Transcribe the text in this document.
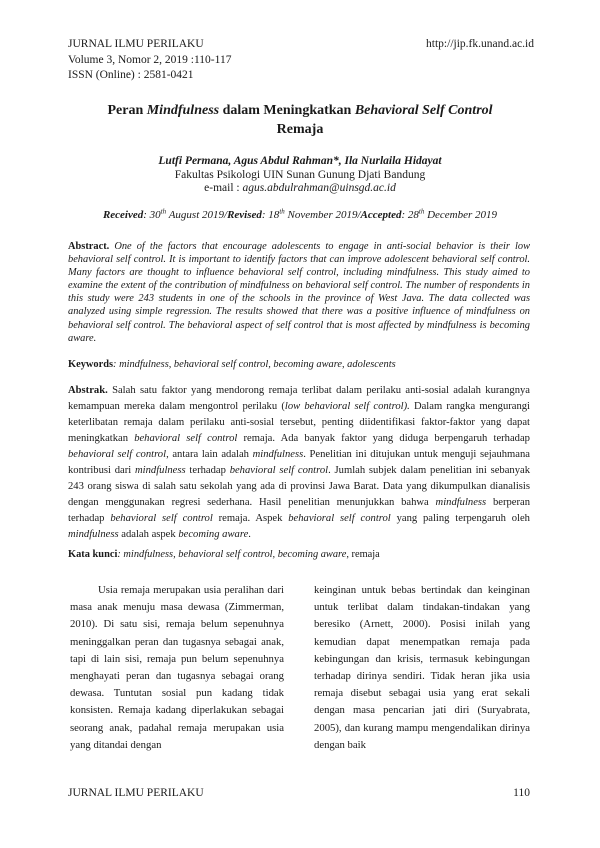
JURNAL ILMU PERILAKU
Volume 3, Nomor 2, 2019 :110-117
ISSN (Online) : 2581-0421
http://jip.fk.unand.ac.id
Peran Mindfulness dalam Meningkatkan Behavioral Self Control
Remaja
Lutfi Permana, Agus Abdul Rahman*, Ila Nurlaila Hidayat
Fakultas Psikologi UIN Sunan Gunung Djati Bandung
e-mail : agus.abdulrahman@uinsgd.ac.id
Received: 30th August 2019/Revised: 18th November 2019/Accepted: 28th December 2019
Abstract. One of the factors that encourage adolescents to engage in anti-social behavior is their low behavioral self control. It is important to identify factors that can improve adolescent behavioral self control. Many factors are thought to influence behavioral self control, including mindfulness. This study aimed to examine the extent of the contribution of mindfulness on behavioral self control. The number of respondents in this study were 243 students in one of the schools in the province of West Java. The data collected was analyzed using simple regression. The results showed that there was a positive influence of mindfulness on behavioral self control. The behavioral aspect of self control that is most affected by mindfulness is becoming aware.
Keywords: mindfulness, behavioral self control, becoming aware, adolescents
Abstrak. Salah satu faktor yang mendorong remaja terlibat dalam perilaku anti-sosial adalah kurangnya kemampuan mereka dalam mengontrol perilaku (low behavioral self control). Dalam rangka mengurangi keterlibatan remaja dalam perilaku anti-sosial tersebut, penting diidentifikasi faktor-faktor yang dapat meningkatkan behavioral self control remaja. Ada banyak faktor yang diduga berpengaruh terhadap behavioral self control, antara lain adalah mindfulness. Penelitian ini ditujukan untuk menguji sejauhmana kontribusi dari mindfulness terhadap behavioral self control. Jumlah subjek dalam penelitian ini sebanyak 243 orang siswa di salah satu sekolah yang ada di provinsi Jawa Barat. Data yang dikumpulkan dianalisis dengan menggunakan regresi sederhana. Hasil penelitian menunjukkan bahwa mindfulness berperan terhadap behavioral self control remaja. Aspek behavioral self control yang paling terpengaruh oleh mindfulness adalah aspek becoming aware.
Kata kunci: mindfulness, behavioral self control, becoming aware, remaja
Usia remaja merupakan usia peralihan dari masa anak menuju masa dewasa (Zimmerman, 2010). Di satu sisi, remaja belum sepenuhnya meninggalkan peran dan tugasnya sebagai anak, tapi di lain sisi, remaja pun belum sepenuhnya menghayati peran dan tugasnya sebagai orang dewasa. Tuntutan sosial pun kadang tidak konsisten. Remaja kadang diperlakukan sebagai seorang anak, padahal remaja merupakan usia yang ditandai dengan
keinginan untuk bebas bertindak dan keinginan untuk terlibat dalam tindakan-tindakan yang beresiko (Arnett, 2000). Posisi inilah yang kemudian dapat menempatkan remaja pada kebingungan dan krisis, termasuk kebingungan terhadap dirinya sendiri. Tidak heran jika usia remaja disebut sebagai usia yang erat sekali dengan masa pencarian jati diri (Suryabrata, 2005), dan kurang mampu mengendalikan dirinya dengan baik
JURNAL ILMU PERILAKU	110
